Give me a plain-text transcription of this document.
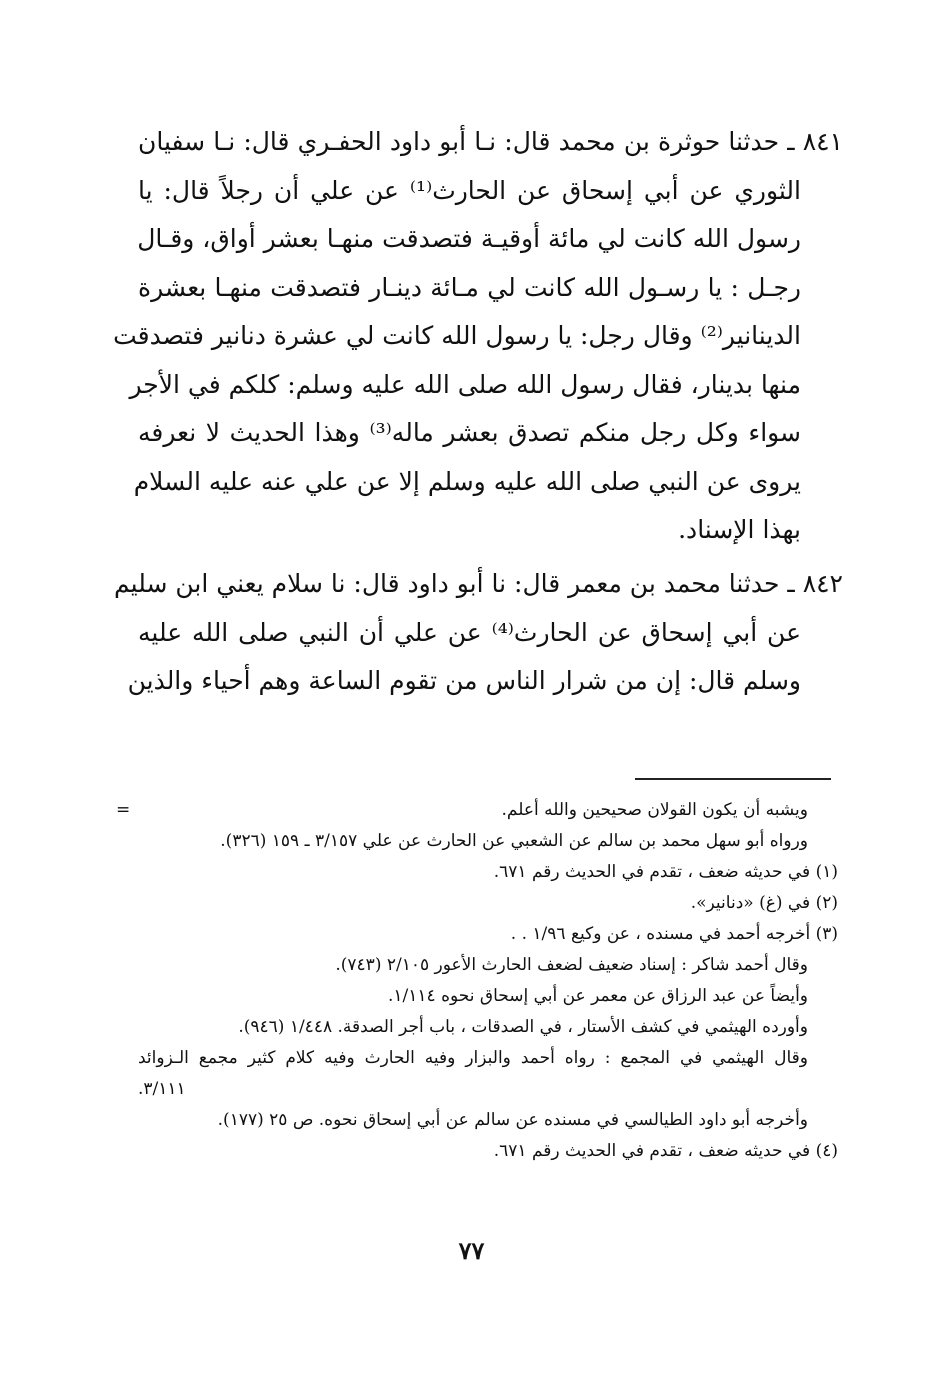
٨٤١ ـ حدثنا حوثرة بن محمد قال: نـا أبو داود الحفـري قال: نـا سفيان
الثوري عن أبي إسحاق عن الحارث⁽¹⁾ عن علي أن رجلاً قال: يا
رسول الله كانت لي مائة أوقيـة فتصدقت منهـا بعشر أواق، وقـال
رجـل : يا رسـول الله كانت لي مـائة دينـار فتصدقت منهـا بعشرة
الدينانير⁽²⁾ وقال رجل: يا رسول الله كانت لي عشرة دنانير فتصدقت
منها بدينار، فقال رسول الله صلى الله عليه وسلم: كلكم في الأجر
سواء وكل رجل منكم تصدق بعشر ماله⁽³⁾ وهذا الحديث لا نعرفه
يروى عن النبي صلى الله عليه وسلم إلا عن علي عنه عليه السلام
بهذا الإسناد.
٨٤٢ ـ حدثنا محمد بن معمر قال: نا أبو داود قال: نا سلام يعني ابن سليم
عن أبي إسحاق عن الحارث⁽⁴⁾ عن علي أن النبي صلى الله عليه
وسلم قال: إن من شرار الناس من تقوم الساعة وهم أحياء والذين
ويشبه أن يكون القولان صحيحين والله أعلم.
=
ورواه أبو سهل محمد بن سالم عن الشعبي عن الحارث عن علي ٣/١٥٧ ـ ١٥٩ (٣٢٦).
(١) في حديثه ضعف ، تقدم في الحديث رقم ٦٧١.
(٢) في (غ) «دنانير».
(٣) أخرجه أحمد في مسنده ، عن وكيع ١/٩٦ . .
وقال أحمد شاكر : إسناد ضعيف لضعف الحارث الأعور ٢/١٠٥ (٧٤٣).
وأيضاً عن عبد الرزاق عن معمر عن أبي إسحاق نحوه ١/١١٤.
وأورده الهيثمي في كشف الأستار ، في الصدقات ، باب أجر الصدقة. ١/٤٤٨ (٩٤٦).
وقال الهيثمي في المجمع : رواه أحمد والبزار وفيه الحارث وفيه كلام كثير مجمع الـزوائد
٣/١١١.
وأخرجه أبو داود الطيالسي في مسنده عن سالم عن أبي إسحاق نحوه. ص ٢٥ (١٧٧).
(٤) في حديثه ضعف ، تقدم في الحديث رقم ٦٧١.
٧٧
